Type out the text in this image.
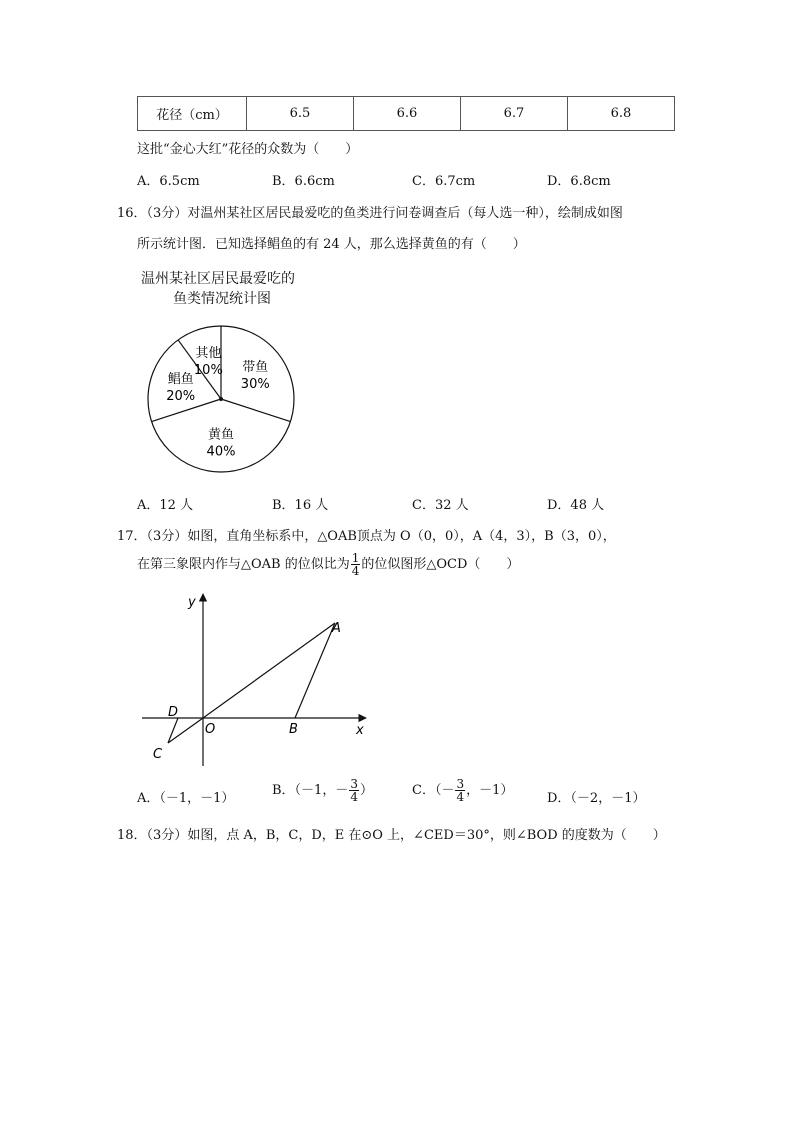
花径（cm）	6.5	6.6	6.7	6.8
这批“金心大红”花径的众数为（　　）
A．6.5cm	B．6.6cm	C．6.7cm	D．6.8cm
16．（3分）对温州某社区居民最爱吃的鱼类进行问卷调查后（每人选一种），绘制成如图
所示统计图．已知选择鲳鱼的有 24 人，那么选择黄鱼的有（　　）
温州某社区居民最爱吃的
鱼类情况统计图
带鱼
30%
黄鱼
40%
鲳鱼
20%
其他
10%
A．12 人	B．16 人	C．32 人	D．48 人
17．（3分）如图，直角坐标系中，△OAB顶点为 O（0，0），A（4，3），B（3，0），
在第三象限内作与△OAB 的位似比为 $\frac{1}{4}$ 的位似图形△OCD（　　）
y
x
A
B
O
C
D
A．（－1，－1）
B．（－1，－ $\frac{3}{4}$ ）	C．（－ $\frac{3}{4}$ ，－1）
D．（－2，－1）
18．（3分）如图，点 A，B，C，D，E 在⊙O 上，∠CED＝30°，则∠BOD 的度数为（　　）
